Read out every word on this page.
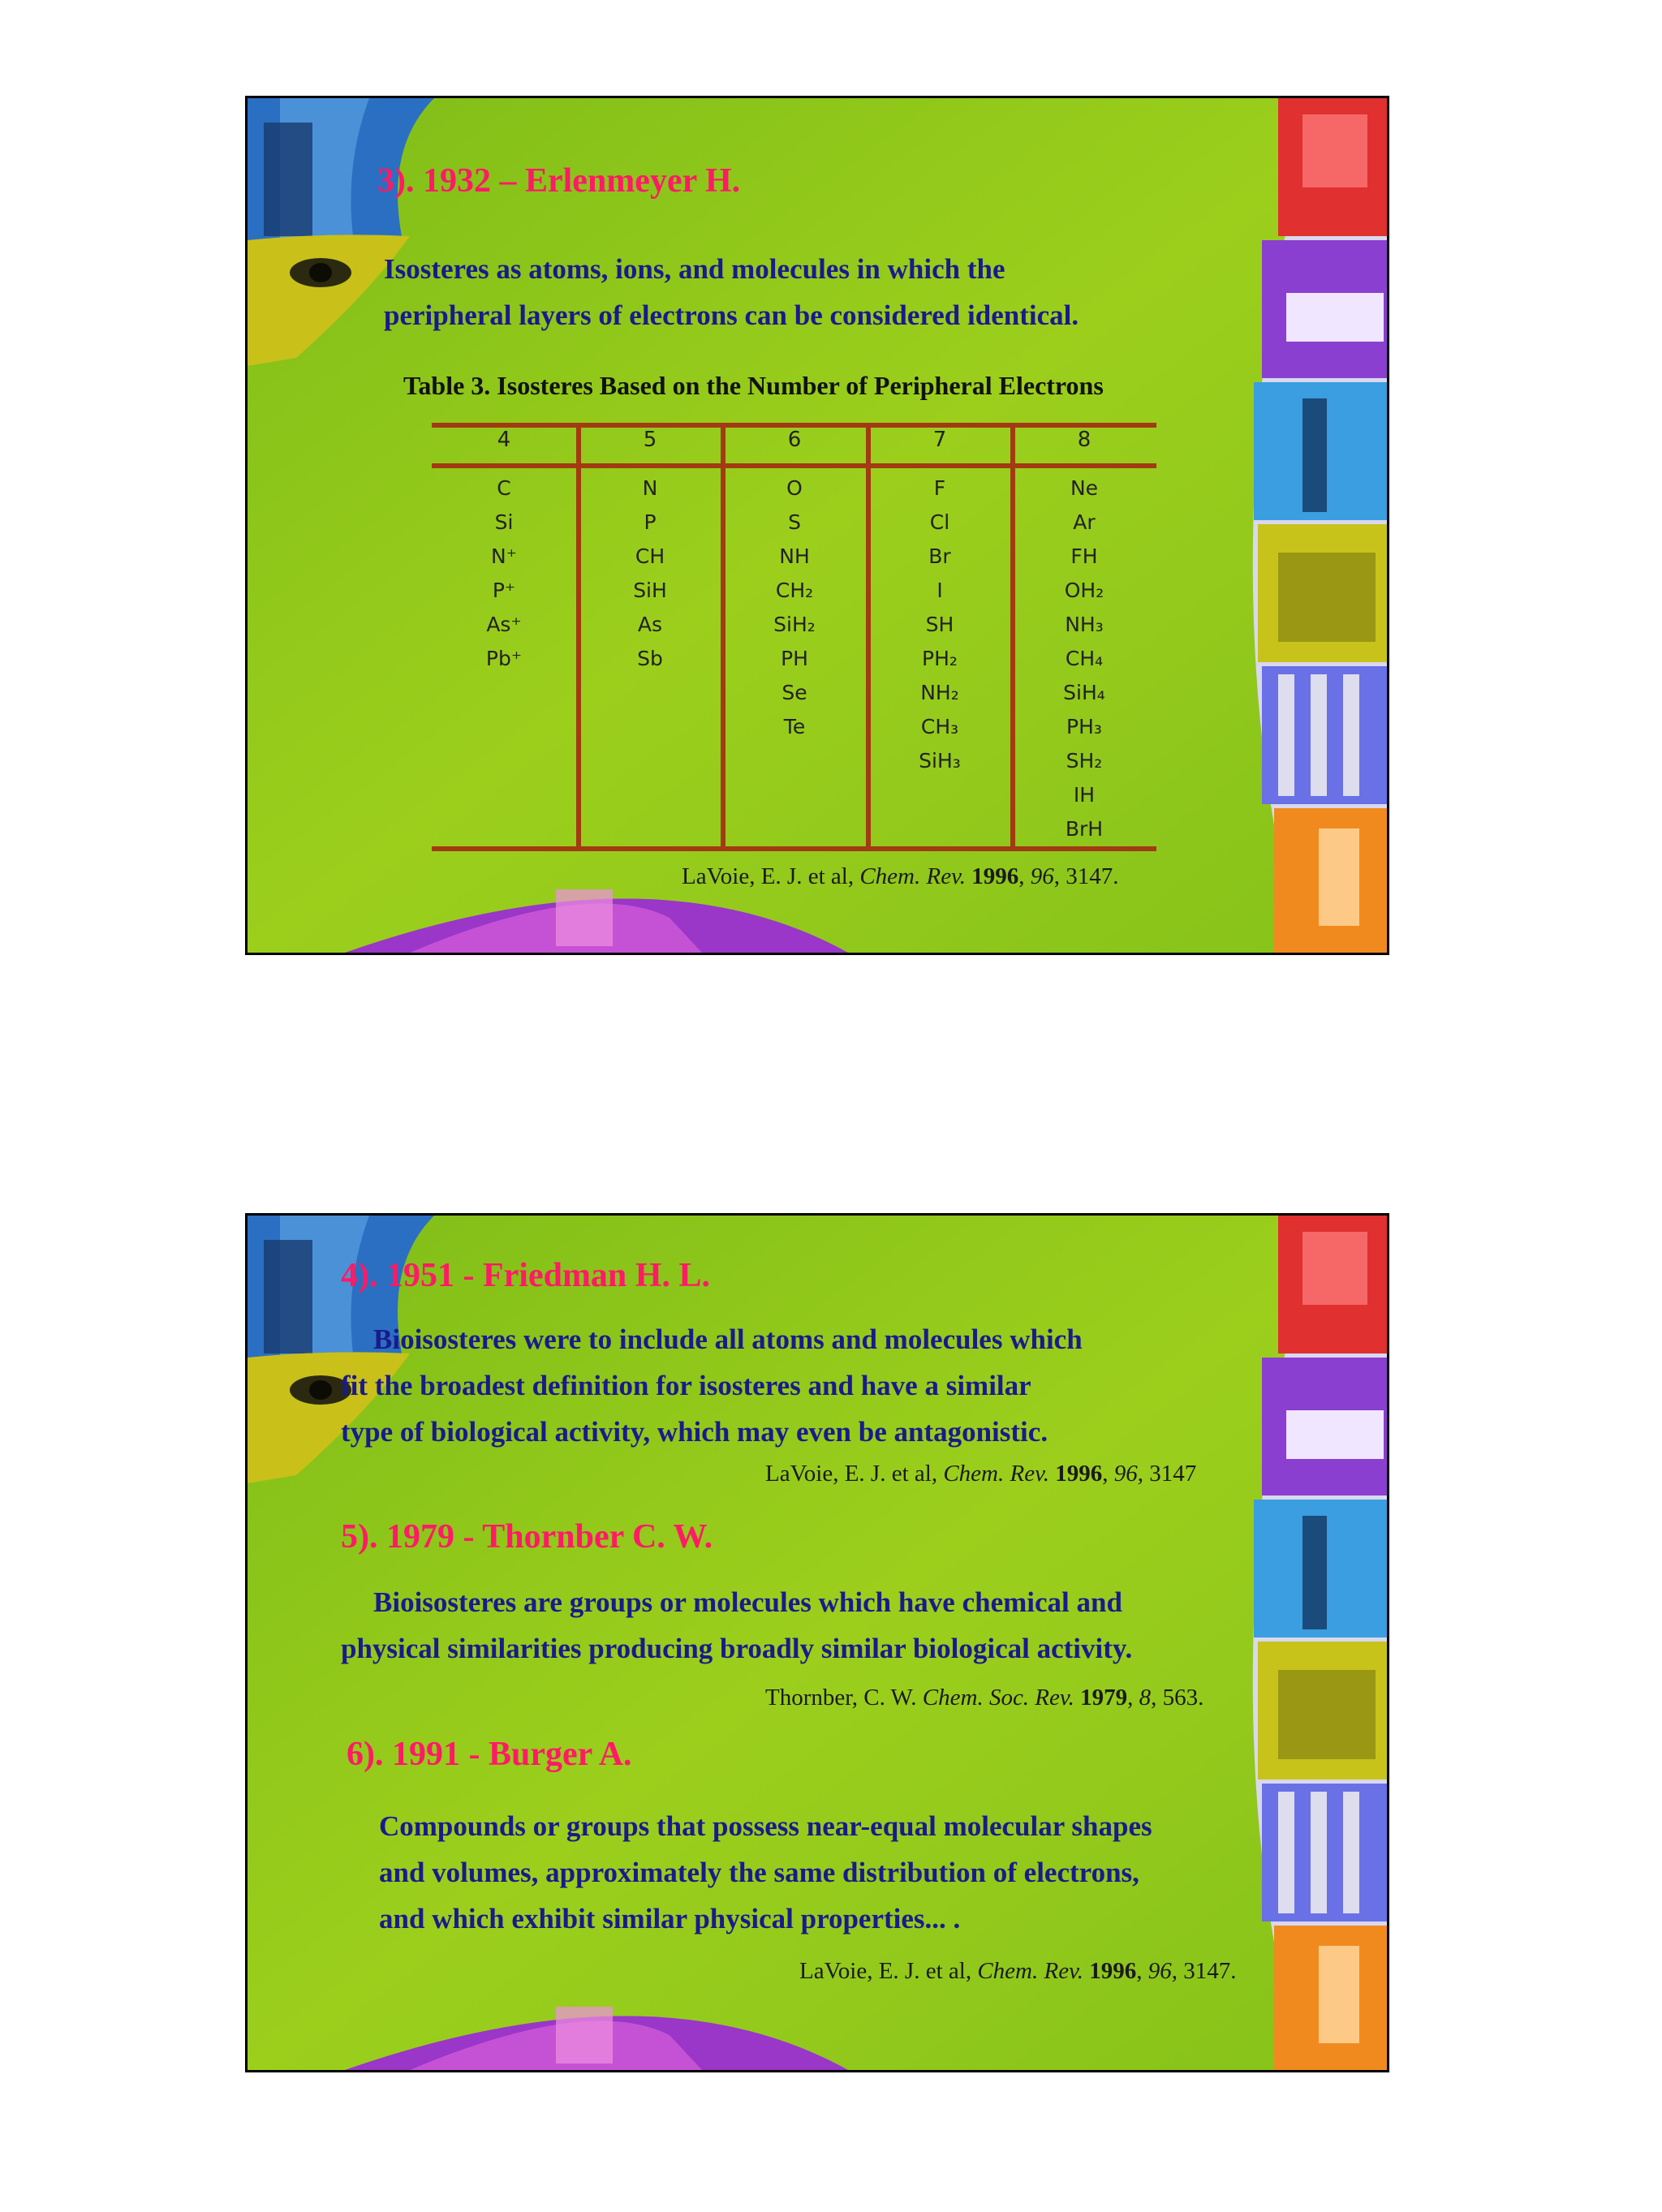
3). 1932 – Erlenmeyer H.
Isosteres as atoms, ions, and molecules in which the
peripheral layers of electrons can be considered identical.
Table 3. Isosteres Based on the Number of Peripheral Electrons
4
C
Si
N⁺
P⁺
As⁺
Pb⁺
5
N
P
CH
SiH
As
Sb
6
O
S
NH
CH₂
SiH₂
PH
Se
Te
7
F
Cl
Br
I
SH
PH₂
NH₂
CH₃
SiH₃
8
Ne
Ar
FH
OH₂
NH₃
CH₄
SiH₄
PH₃
SH₂
IH
BrH
LaVoie, E. J. et al, Chem. Rev. 1996, 96, 3147.
4). 1951 - Friedman H. L.
Bioisosteres were to include all atoms and molecules which
fit the broadest definition for isosteres and have a similar
type of biological activity, which may even be antagonistic.
LaVoie, E. J. et al, Chem. Rev. 1996, 96, 3147
5). 1979 - Thornber C. W.
Bioisosteres are groups or molecules which have chemical and
physical similarities producing broadly similar biological activity.
Thornber, C. W. Chem. Soc. Rev. 1979, 8, 563.
6). 1991 - Burger A.
Compounds or groups that possess near-equal molecular shapes
and volumes, approximately the same distribution of electrons,
and which exhibit similar physical properties... .
LaVoie, E. J. et al, Chem. Rev. 1996, 96, 3147.
